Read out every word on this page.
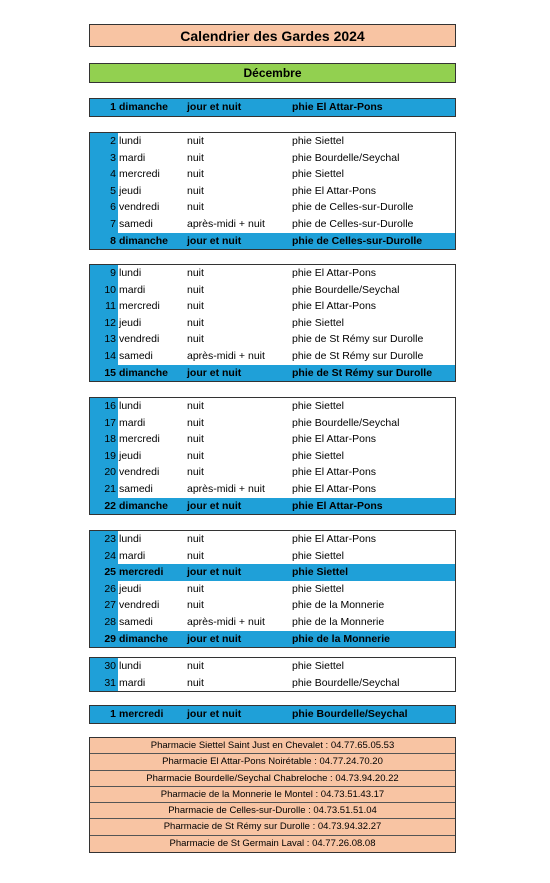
Calendrier des Gardes 2024
Décembre
1 dimanche jour et nuit	phie El Attar-Pons
2 lundi	nuit	phie Siettel
3 mardi	nuit	phie Bourdelle/Seychal
4 mercredi	nuit	phie Siettel
5 jeudi	nuit	phie El Attar-Pons
6 vendredi	nuit	phie de Celles-sur-Durolle
7 samedi	après-midi + nuit	phie de Celles-sur-Durolle
8 dimanche jour et nuit	phie de Celles-sur-Durolle
9 lundi	nuit	phie El Attar-Pons
10 mardi	nuit	phie Bourdelle/Seychal
11 mercredi	nuit	phie El Attar-Pons
12 jeudi	nuit	phie Siettel
13 vendredi	nuit	phie de St Rémy sur Durolle
14 samedi	après-midi + nuit	phie de St Rémy sur Durolle
15 dimanche jour et nuit	phie de St Rémy sur Durolle
16 lundi	nuit	phie Siettel
17 mardi	nuit	phie Bourdelle/Seychal
18 mercredi	nuit	phie El Attar-Pons
19 jeudi	nuit	phie Siettel
20 vendredi	nuit	phie El Attar-Pons
21 samedi	après-midi + nuit	phie El Attar-Pons
22 dimanche jour et nuit	phie El Attar-Pons
23 lundi	nuit	phie El Attar-Pons
24 mardi	nuit	phie Siettel
25 mercredi jour et nuit	phie Siettel
26 jeudi	nuit	phie Siettel
27 vendredi	nuit	phie de la Monnerie
28 samedi	après-midi + nuit	phie de la Monnerie
29 dimanche jour et nuit	phie de la Monnerie
30 lundi	nuit	phie Siettel
31 mardi	nuit	phie Bourdelle/Seychal
1 mercredi jour et nuit	phie Bourdelle/Seychal
Pharmacie Siettel Saint Just en Chevalet : 04.77.65.05.53
Pharmacie El Attar-Pons Noirétable : 04.77.24.70.20
Pharmacie Bourdelle/Seychal Chabreloche : 04.73.94.20.22
Pharmacie de la Monnerie le Montel : 04.73.51.43.17
Pharmacie de Celles-sur-Durolle : 04.73.51.51.04
Pharmacie de St Rémy sur Durolle : 04.73.94.32.27
Pharmacie de St Germain Laval : 04.77.26.08.08
